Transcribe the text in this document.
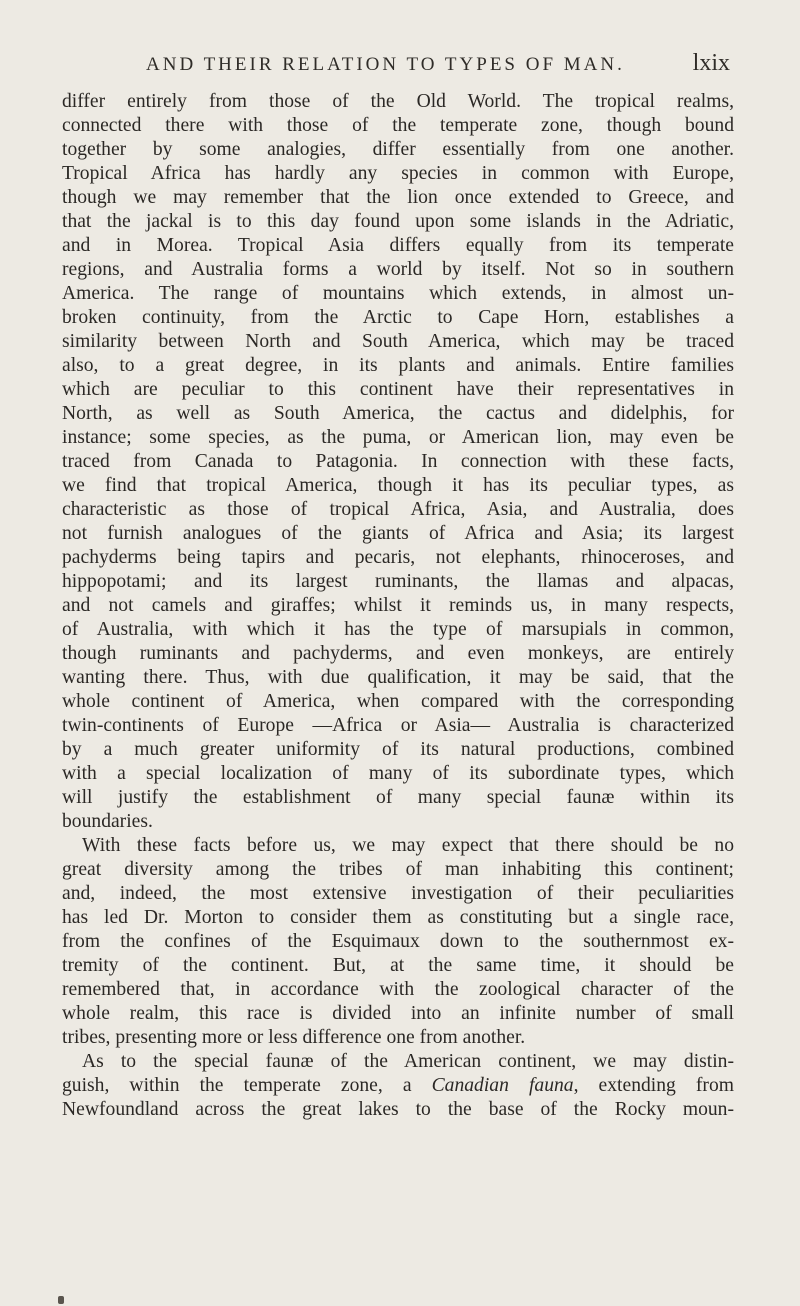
AND THEIR RELATION TO TYPES OF MAN.	lxix
differ entirely from those of the Old World. The tropical realms,
connected there with those of the temperate zone, though bound
together by some analogies, differ essentially from one another.
Tropical Africa has hardly any species in common with Europe,
though we may remember that the lion once extended to Greece, and
that the jackal is to this day found upon some islands in the Adriatic,
and in Morea. Tropical Asia differs equally from its temperate
regions, and Australia forms a world by itself. Not so in southern
America. The range of mountains which extends, in almost un-
broken continuity, from the Arctic to Cape Horn, establishes a
similarity between North and South America, which may be traced
also, to a great degree, in its plants and animals. Entire families
which are peculiar to this continent have their representatives in
North, as well as South America, the cactus and didelphis, for
instance; some species, as the puma, or American lion, may even be
traced from Canada to Patagonia. In connection with these facts,
we find that tropical America, though it has its peculiar types, as
characteristic as those of tropical Africa, Asia, and Australia, does
not furnish analogues of the giants of Africa and Asia; its largest
pachyderms being tapirs and pecaris, not elephants, rhinoceroses, and
hippopotami; and its largest ruminants, the llamas and alpacas,
and not camels and giraffes; whilst it reminds us, in many respects,
of Australia, with which it has the type of marsupials in common,
though ruminants and pachyderms, and even monkeys, are entirely
wanting there. Thus, with due qualification, it may be said, that the
whole continent of America, when compared with the corresponding
twin-continents of Europe —Africa or Asia— Australia is characterized
by a much greater uniformity of its natural productions, combined
with a special localization of many of its subordinate types, which
will justify the establishment of many special faunæ within its
boundaries.
With these facts before us, we may expect that there should be no
great diversity among the tribes of man inhabiting this continent;
and, indeed, the most extensive investigation of their peculiarities
has led Dr. Morton to consider them as constituting but a single race,
from the confines of the Esquimaux down to the southernmost ex-
tremity of the continent. But, at the same time, it should be
remembered that, in accordance with the zoological character of the
whole realm, this race is divided into an infinite number of small
tribes, presenting more or less difference one from another.
As to the special faunæ of the American continent, we may distin-
guish, within the temperate zone, a Canadian fauna, extending from
Newfoundland across the great lakes to the base of the Rocky moun-
